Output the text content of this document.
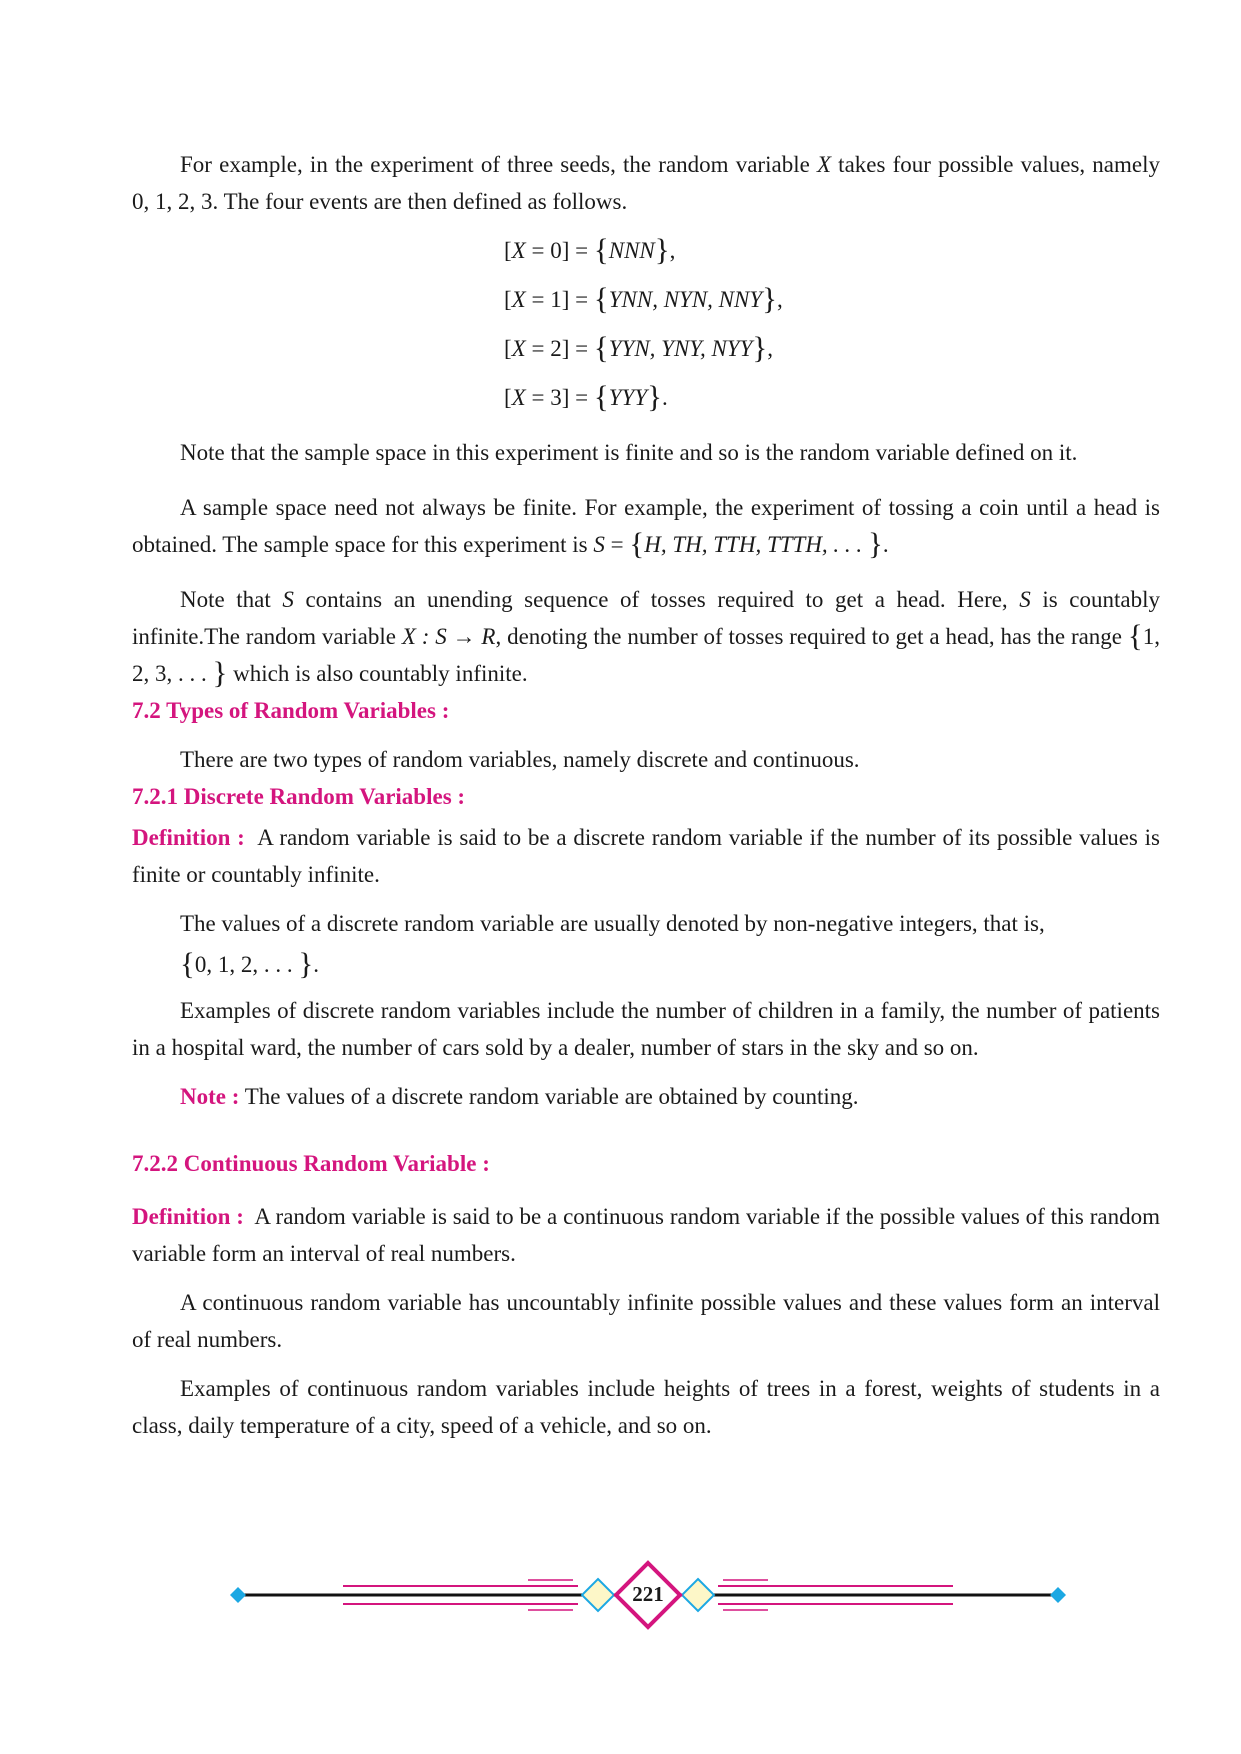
For example, in the experiment of three seeds, the random variable X takes four possible values, namely 0, 1, 2, 3. The four events are then defined as follows.

[X = 0] = {NNN},
[X = 1] = {YNN, NYN, NNY},
[X = 2] = {YYN, YNY, NYY},
[X = 3] = {YYY}.

Note that the sample space in this experiment is finite and so is the random variable defined on it.

A sample space need not always be finite. For example, the experiment of tossing a coin until a head is obtained. The sample space for this experiment is S = {H, TH, TTH, TTTH, . . . }.

Note that S contains an unending sequence of tosses required to get a head. Here, S is countably infinite.The random variable X : S → R, denoting the number of tosses required to get a head, has the range {1, 2, 3, . . . } which is also countably infinite.

7.2 Types of Random Variables :

There are two types of random variables, namely discrete and continuous.

7.2.1 Discrete Random Variables :

Definition : A random variable is said to be a discrete random variable if the number of its possible values is finite or countably infinite.

The values of a discrete random variable are usually denoted by non-negative integers, that is,

{0, 1, 2, . . . }.

Examples of discrete random variables include the number of children in a family, the number of patients in a hospital ward, the number of cars sold by a dealer, number of stars in the sky and so on.

Note : The values of a discrete random variable are obtained by counting.

7.2.2 Continuous Random Variable :

Definition : A random variable is said to be a continuous random variable if the possible values of this random variable form an interval of real numbers.

A continuous random variable has uncountably infinite possible values and these values form an interval of real numbers.

Examples of continuous random variables include heights of trees in a forest, weights of students in a class, daily temperature of a city, speed of a vehicle, and so on.

221
